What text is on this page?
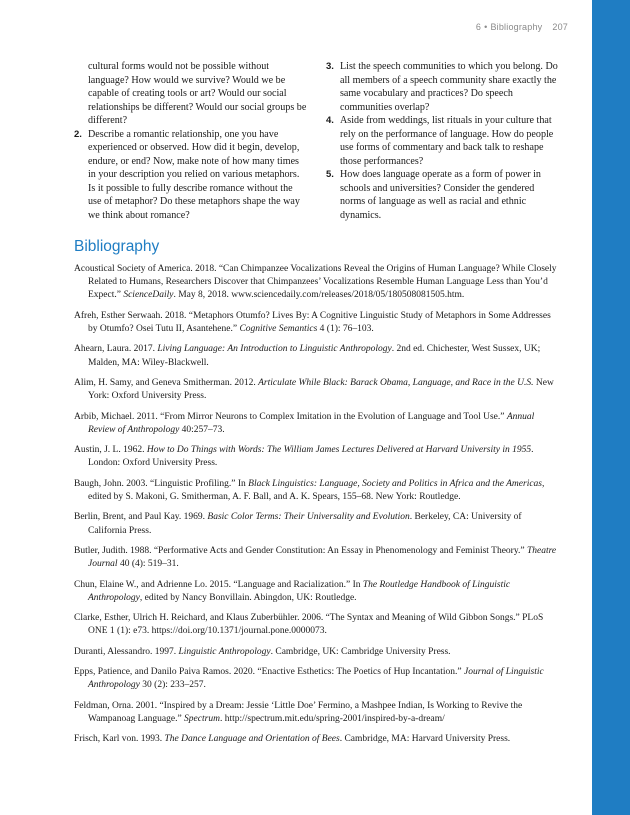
6 • Bibliography 207

cultural forms would not be possible without language? How would we survive? Would we be capable of creating tools or art? Would our social relationships be different? Would our social groups be different?

2. Describe a romantic relationship, one you have experienced or observed. How did it begin, develop, endure, or end? Now, make note of how many times in your description you relied on various metaphors. Is it possible to fully describe romance without the use of metaphor? Do these metaphors shape the way we think about romance?
3. List the speech communities to which you belong. Do all members of a speech community share exactly the same vocabulary and practices? Do speech communities overlap?
4. Aside from weddings, list rituals in your culture that rely on the performance of language. How do people use forms of commentary and back talk to reshape those performances?
5. How does language operate as a form of power in schools and universities? Consider the gendered norms of language as well as racial and ethnic dynamics.
Bibliography

Acoustical Society of America. 2018. “Can Chimpanzee Vocalizations Reveal the Origins of Human Language? While Closely Related to Humans, Researchers Discover that Chimpanzees’ Vocalizations Resemble Human Language Less than You’d Expect.” ScienceDaily. May 8, 2018. www.sciencedaily.com/releases/2018/05/180508081505.htm.

Afreh, Esther Serwaah. 2018. “Metaphors Otumfo? Lives By: A Cognitive Linguistic Study of Metaphors in Some Addresses by Otumfo? Osei Tutu II, Asantehene.” Cognitive Semantics 4 (1): 76–103.

Ahearn, Laura. 2017. Living Language: An Introduction to Linguistic Anthropology. 2nd ed. Chichester, West Sussex, UK; Malden, MA: Wiley-Blackwell.

Alim, H. Samy, and Geneva Smitherman. 2012. Articulate While Black: Barack Obama, Language, and Race in the U.S. New York: Oxford University Press.

Arbib, Michael. 2011. “From Mirror Neurons to Complex Imitation in the Evolution of Language and Tool Use.” Annual Review of Anthropology 40:257–73.

Austin, J. L. 1962. How to Do Things with Words: The William James Lectures Delivered at Harvard University in 1955. London: Oxford University Press.

Baugh, John. 2003. “Linguistic Profiling.” In Black Linguistics: Language, Society and Politics in Africa and the Americas, edited by S. Makoni, G. Smitherman, A. F. Ball, and A. K. Spears, 155–68. New York: Routledge.

Berlin, Brent, and Paul Kay. 1969. Basic Color Terms: Their Universality and Evolution. Berkeley, CA: University of California Press.

Butler, Judith. 1988. “Performative Acts and Gender Constitution: An Essay in Phenomenology and Feminist Theory.” Theatre Journal 40 (4): 519–31.

Chun, Elaine W., and Adrienne Lo. 2015. “Language and Racialization.” In The Routledge Handbook of Linguistic Anthropology, edited by Nancy Bonvillain. Abingdon, UK: Routledge.

Clarke, Esther, Ulrich H. Reichard, and Klaus Zuberbühler. 2006. “The Syntax and Meaning of Wild Gibbon Songs.” PLoS ONE 1 (1): e73. https://doi.org/10.1371/journal.pone.0000073.

Duranti, Alessandro. 1997. Linguistic Anthropology. Cambridge, UK: Cambridge University Press.

Epps, Patience, and Danilo Paiva Ramos. 2020. “Enactive Esthetics: The Poetics of Hup Incantation.” Journal of Linguistic Anthropology 30 (2): 233–257.

Feldman, Orna. 2001. “Inspired by a Dream: Jessie ‘Little Doe’ Fermino, a Mashpee Indian, Is Working to Revive the Wampanoag Language.” Spectrum. http://spectrum.mit.edu/spring-2001/inspired-by-a-dream/

Frisch, Karl von. 1993. The Dance Language and Orientation of Bees. Cambridge, MA: Harvard University Press.
